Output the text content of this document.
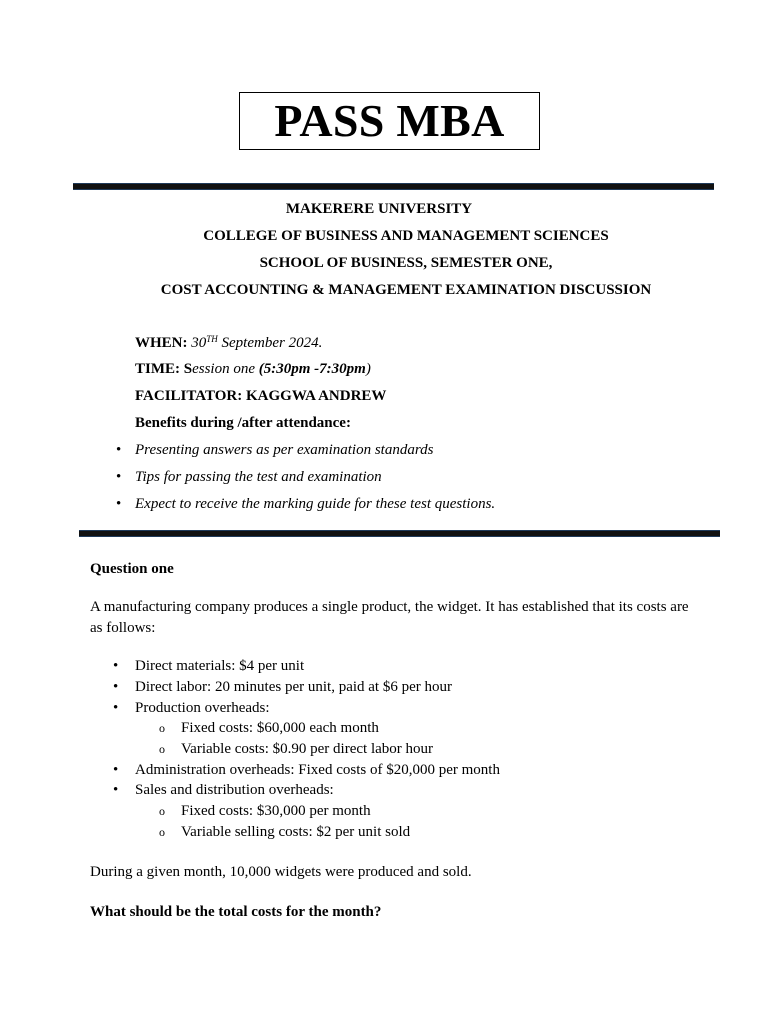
PASS MBA
MAKERERE UNIVERSITY
COLLEGE OF BUSINESS AND MANAGEMENT SCIENCES
SCHOOL OF BUSINESS, SEMESTER ONE,
COST ACCOUNTING & MANAGEMENT EXAMINATION DISCUSSION
WHEN: 30TH September 2024.
TIME: Session one (5:30pm -7:30pm)
FACILITATOR: KAGGWA ANDREW
Benefits during /after attendance:
• Presenting answers as per examination standards
• Tips for passing the test and examination
• Expect to receive the marking guide for these test questions.
Question one
A manufacturing company produces a single product, the widget. It has established that its costs are as follows:
• Direct materials: $4 per unit
• Direct labor: 20 minutes per unit, paid at $6 per hour
• Production overheads:
o Fixed costs: $60,000 each month
o Variable costs: $0.90 per direct labor hour
• Administration overheads: Fixed costs of $20,000 per month
• Sales and distribution overheads:
o Fixed costs: $30,000 per month
o Variable selling costs: $2 per unit sold
During a given month, 10,000 widgets were produced and sold.
What should be the total costs for the month?
